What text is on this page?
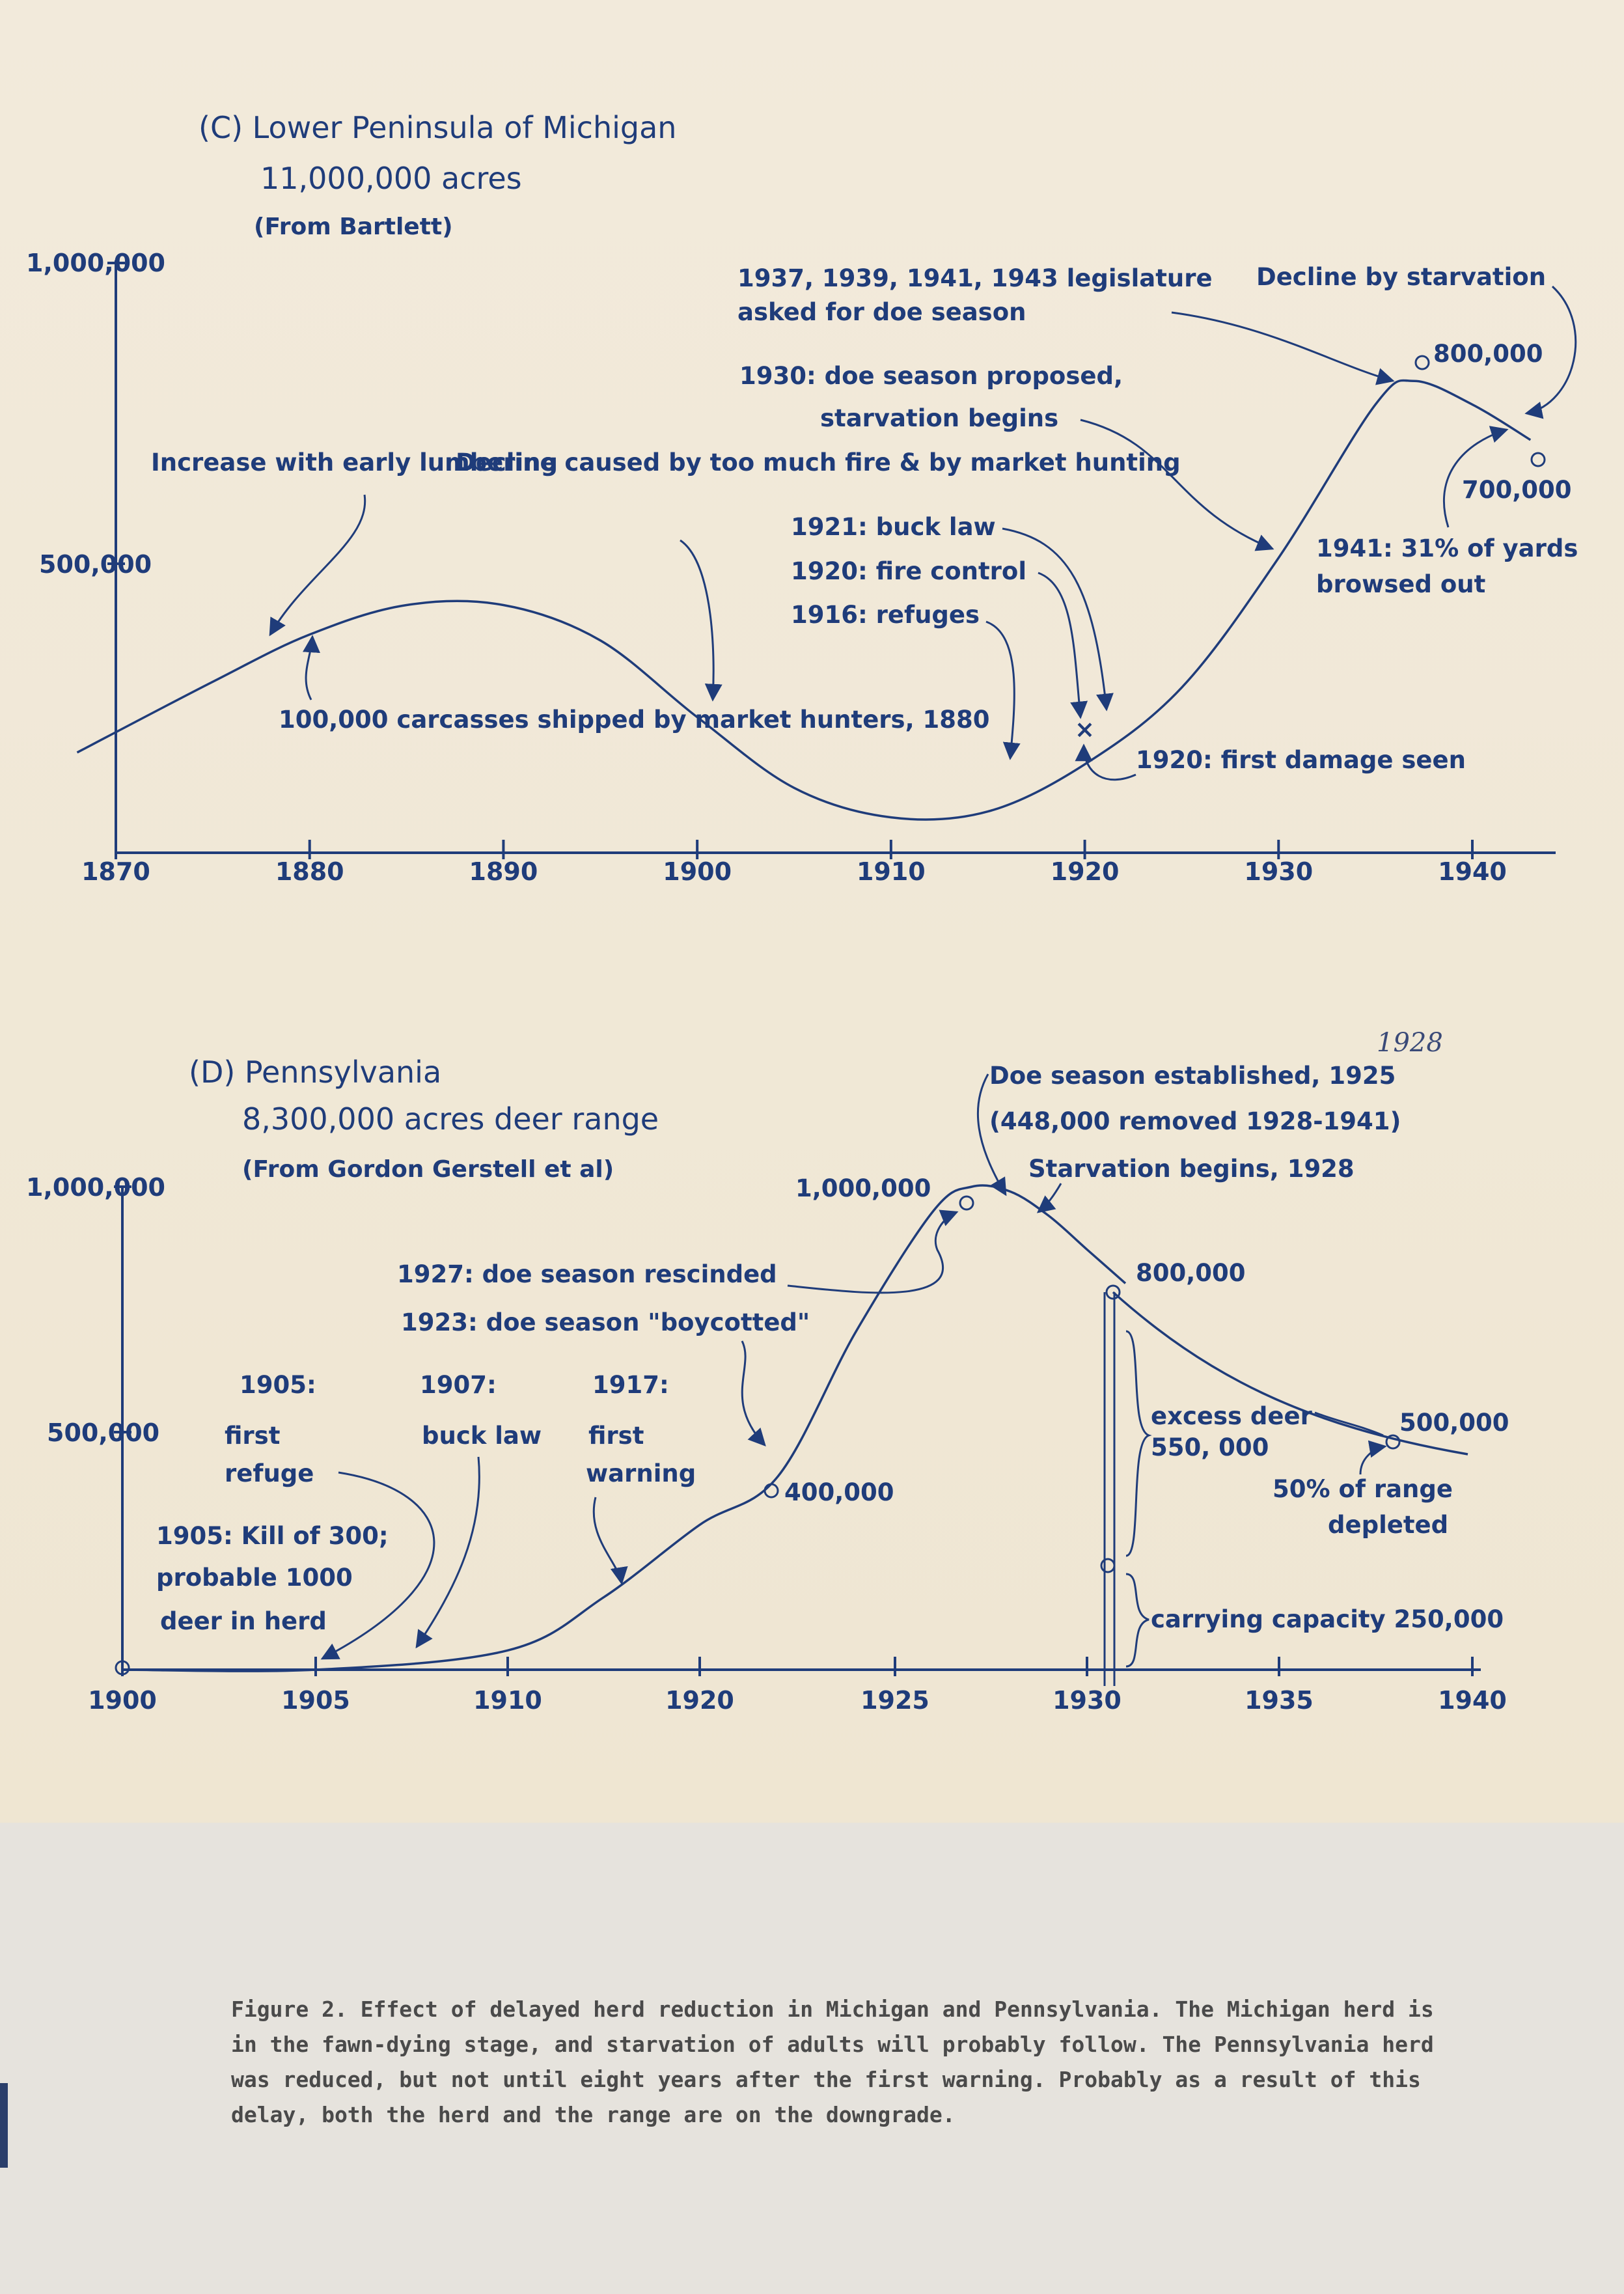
(C) Lower Peninsula of Michigan
11,000,000 acres
(From Bartlett)
1,000,000
500,000
1870	1880	1890	1900	1910	1920	1930	1940
800,000
700,000
×
Increase with early lumbering
100,000 carcasses shipped by market hunters, 1880
Decline caused by too much fire & by market hunting
1921: buck law
1920: fire control
1916: refuges
1920: first damage seen
1930: doe season proposed,
starvation begins
1937, 1939, 1941, 1943 legislature
asked for doe season
Decline by starvation
1941: 31% of yards
browsed out
(D) Pennsylvania
8,300,000 acres deer range
(From Gordon Gerstell et al)
1928
1,000,000
500,000
1900	1905	1910	1920	1925	1930	1935	1940
1,000,000
800,000
400,000
500,000
1905:
first
refuge
1907:
buck law
1917:
first
warning
1905: Kill of 300;
probable 1000
deer in herd
1927: doe season rescinded
1923: doe season "boycotted"
Doe season established, 1925
(448,000 removed 1928-1941)
Starvation begins, 1928
excess deer
550, 000
50% of range
depleted
carrying capacity 250,000
Figure 2. Effect of delayed herd reduction in Michigan and Pennsylvania. The Michigan herd is in the fawn-dying stage, and starvation of adults will probably follow. The Pennsylvania herd was reduced, but not until eight years after the first warning. Probably as a result of this delay, both the herd and the range are on the downgrade.
